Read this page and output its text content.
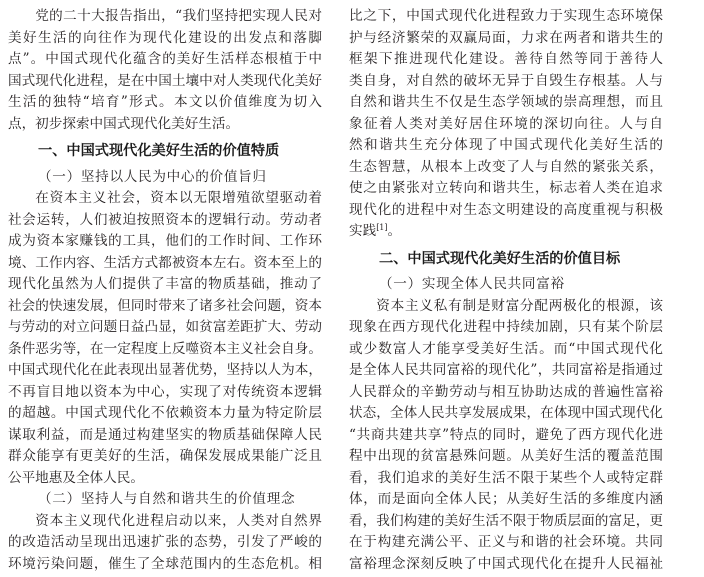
党的二十大报告指出，“我们坚持把实现人民对
美好生活的向往作为现代化建设的出发点和落脚
点”。中国式现代化蕴含的美好生活样态根植于中
国式现代化进程，是在中国土壤中对人类现代化美好
生活的独特“培育”形式。本文以价值维度为切入
点，初步探索中国式现代化美好生活。
一、中国式现代化美好生活的价值特质
（一）坚持以人民为中心的价值旨归
在资本主义社会，资本以无限增殖欲望驱动着
社会运转，人们被迫按照资本的逻辑行动。劳动者
成为资本家赚钱的工具，他们的工作时间、工作环
境、工作内容、生活方式都被资本左右。资本至上的
现代化虽然为人们提供了丰富的物质基础，推动了
社会的快速发展，但同时带来了诸多社会问题，资本
与劳动的对立问题日益凸显，如贫富差距扩大、劳动
条件恶劣等，在一定程度上反噬资本主义社会自身。
中国式现代化在此表现出显著优势，坚持以人为本，
不再盲目地以资本为中心，实现了对传统资本逻辑
的超越。中国式现代化不依赖资本力量为特定阶层
谋取利益，而是通过构建坚实的物质基础保障人民
群众能享有更美好的生活，确保发展成果能广泛且
公平地惠及全体人民。
（二）坚持人与自然和谐共生的价值理念
资本主义现代化进程启动以来，人类对自然界
的改造活动呈现出迅速扩张的态势，引发了严峻的
环境污染问题，催生了全球范围内的生态危机。相
比之下，中国式现代化进程致力于实现生态环境保
护与经济繁荣的双赢局面，力求在两者和谐共生的
框架下推进现代化建设。善待自然等同于善待人
类自身，对自然的破坏无异于自毁生存根基。人与
自然和谐共生不仅是生态学领域的崇高理想，而且
象征着人类对美好居住环境的深切向往。人与自
然和谐共生充分体现了中国式现代化美好生活的
生态智慧，从根本上改变了人与自然的紧张关系，
使之由紧张对立转向和谐共生，标志着人类在追求
现代化的进程中对生态文明建设的高度重视与积极
实践[1]。
二、中国式现代化美好生活的价值目标
（一）实现全体人民共同富裕
资本主义私有制是财富分配两极化的根源，该
现象在西方现代化进程中持续加剧，只有某个阶层
或少数富人才能享受美好生活。而“中国式现代化
是全体人民共同富裕的现代化”，共同富裕是指通过
人民群众的辛勤劳动与相互协助达成的普遍性富裕
状态，全体人民共享发展成果，在体现中国式现代化
“共商共建共享”特点的同时，避免了西方现代化进
程中出现的贫富悬殊问题。从美好生活的覆盖范围
看，我们追求的美好生活不限于某些个人或特定群
体，而是面向全体人民；从美好生活的多维度内涵
看，我们构建的美好生活不限于物质层面的富足，更
在于构建充满公平、正义与和谐的社会环境。共同
富裕理念深刻反映了中国式现代化在提升人民福祉
